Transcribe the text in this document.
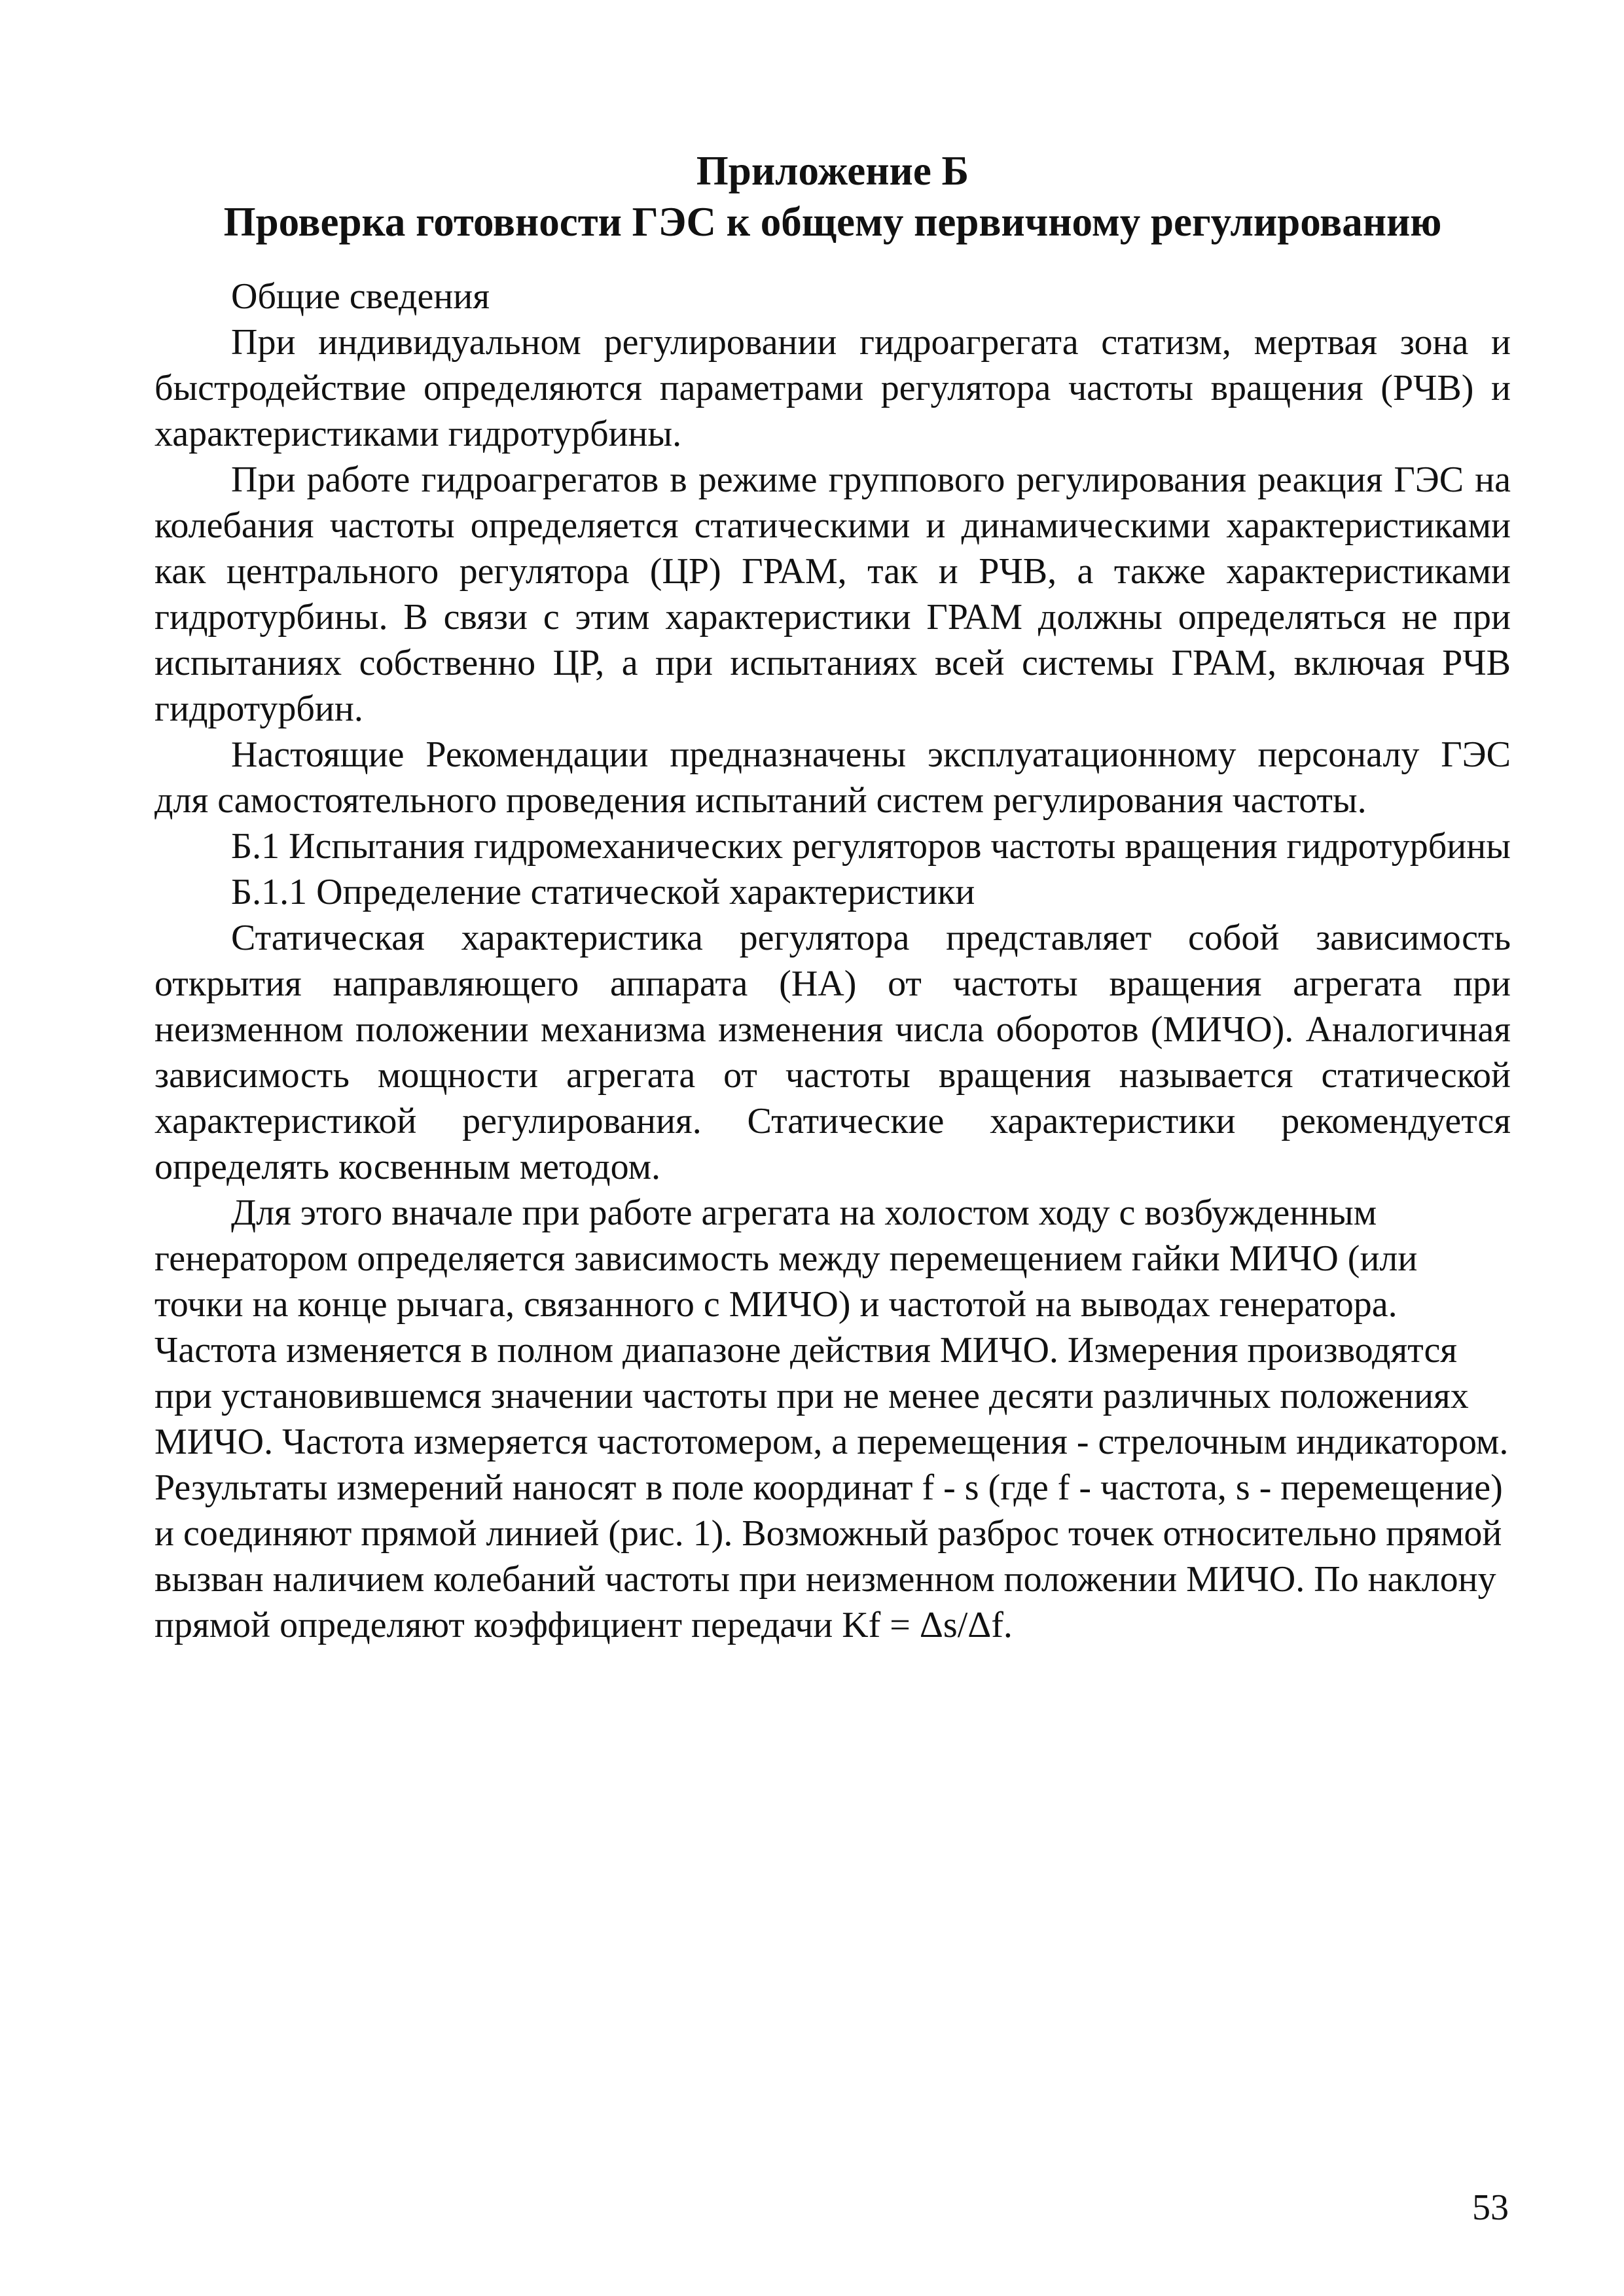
Приложение Б
Проверка готовности ГЭС к общему первичному регулированию

Общие сведения

При индивидуальном регулировании гидроагрегата статизм, мертвая зона и быстродействие определяются параметрами регулятора частоты вращения (РЧВ) и характеристиками гидротурбины.

При работе гидроагрегатов в режиме группового регулирования реакция ГЭС на колебания частоты определяется статическими и динамическими характеристиками как центрального регулятора (ЦР) ГРАМ, так и РЧВ, а также характеристиками гидротурбины. В связи с этим характеристики ГРАМ должны определяться не при испытаниях собственно ЦР, а при испытаниях всей системы ГРАМ, включая РЧВ гидротурбин.

Настоящие Рекомендации предназначены эксплуатационному персоналу ГЭС для самостоятельного проведения испытаний систем регулирования частоты.

Б.1 Испытания гидромеханических регуляторов частоты вращения гидротурбины

Б.1.1 Определение статической характеристики

Статическая характеристика регулятора представляет собой зависимость открытия направляющего аппарата (НА) от частоты вращения агрегата при неизменном положении механизма изменения числа оборотов (МИЧО). Аналогичная зависимость мощности агрегата от частоты вращения называется статической характеристикой регулирования. Статические характеристики рекомендуется определять косвенным методом.

Для этого вначале при работе агрегата на холостом ходу с возбужденным генератором определяется зависимость между перемещением гайки МИЧО (или точки на конце рычага, связанного с МИЧО) и частотой на выводах генератора. Частота изменяется в полном диапазоне действия МИЧО. Измерения производятся при установившемся значении частоты при не менее десяти различных положениях МИЧО. Частота измеряется частотомером, а перемещения - стрелочным индикатором. Результаты измерений наносят в поле координат f - s (где f - частота, s - перемещение) и соединяют прямой линией (рис. 1). Возможный разброс точек относительно прямой вызван наличием колебаний частоты при неизменном положении МИЧО. По наклону прямой определяют коэффициент передачи Kf = Δs/Δf.

53
